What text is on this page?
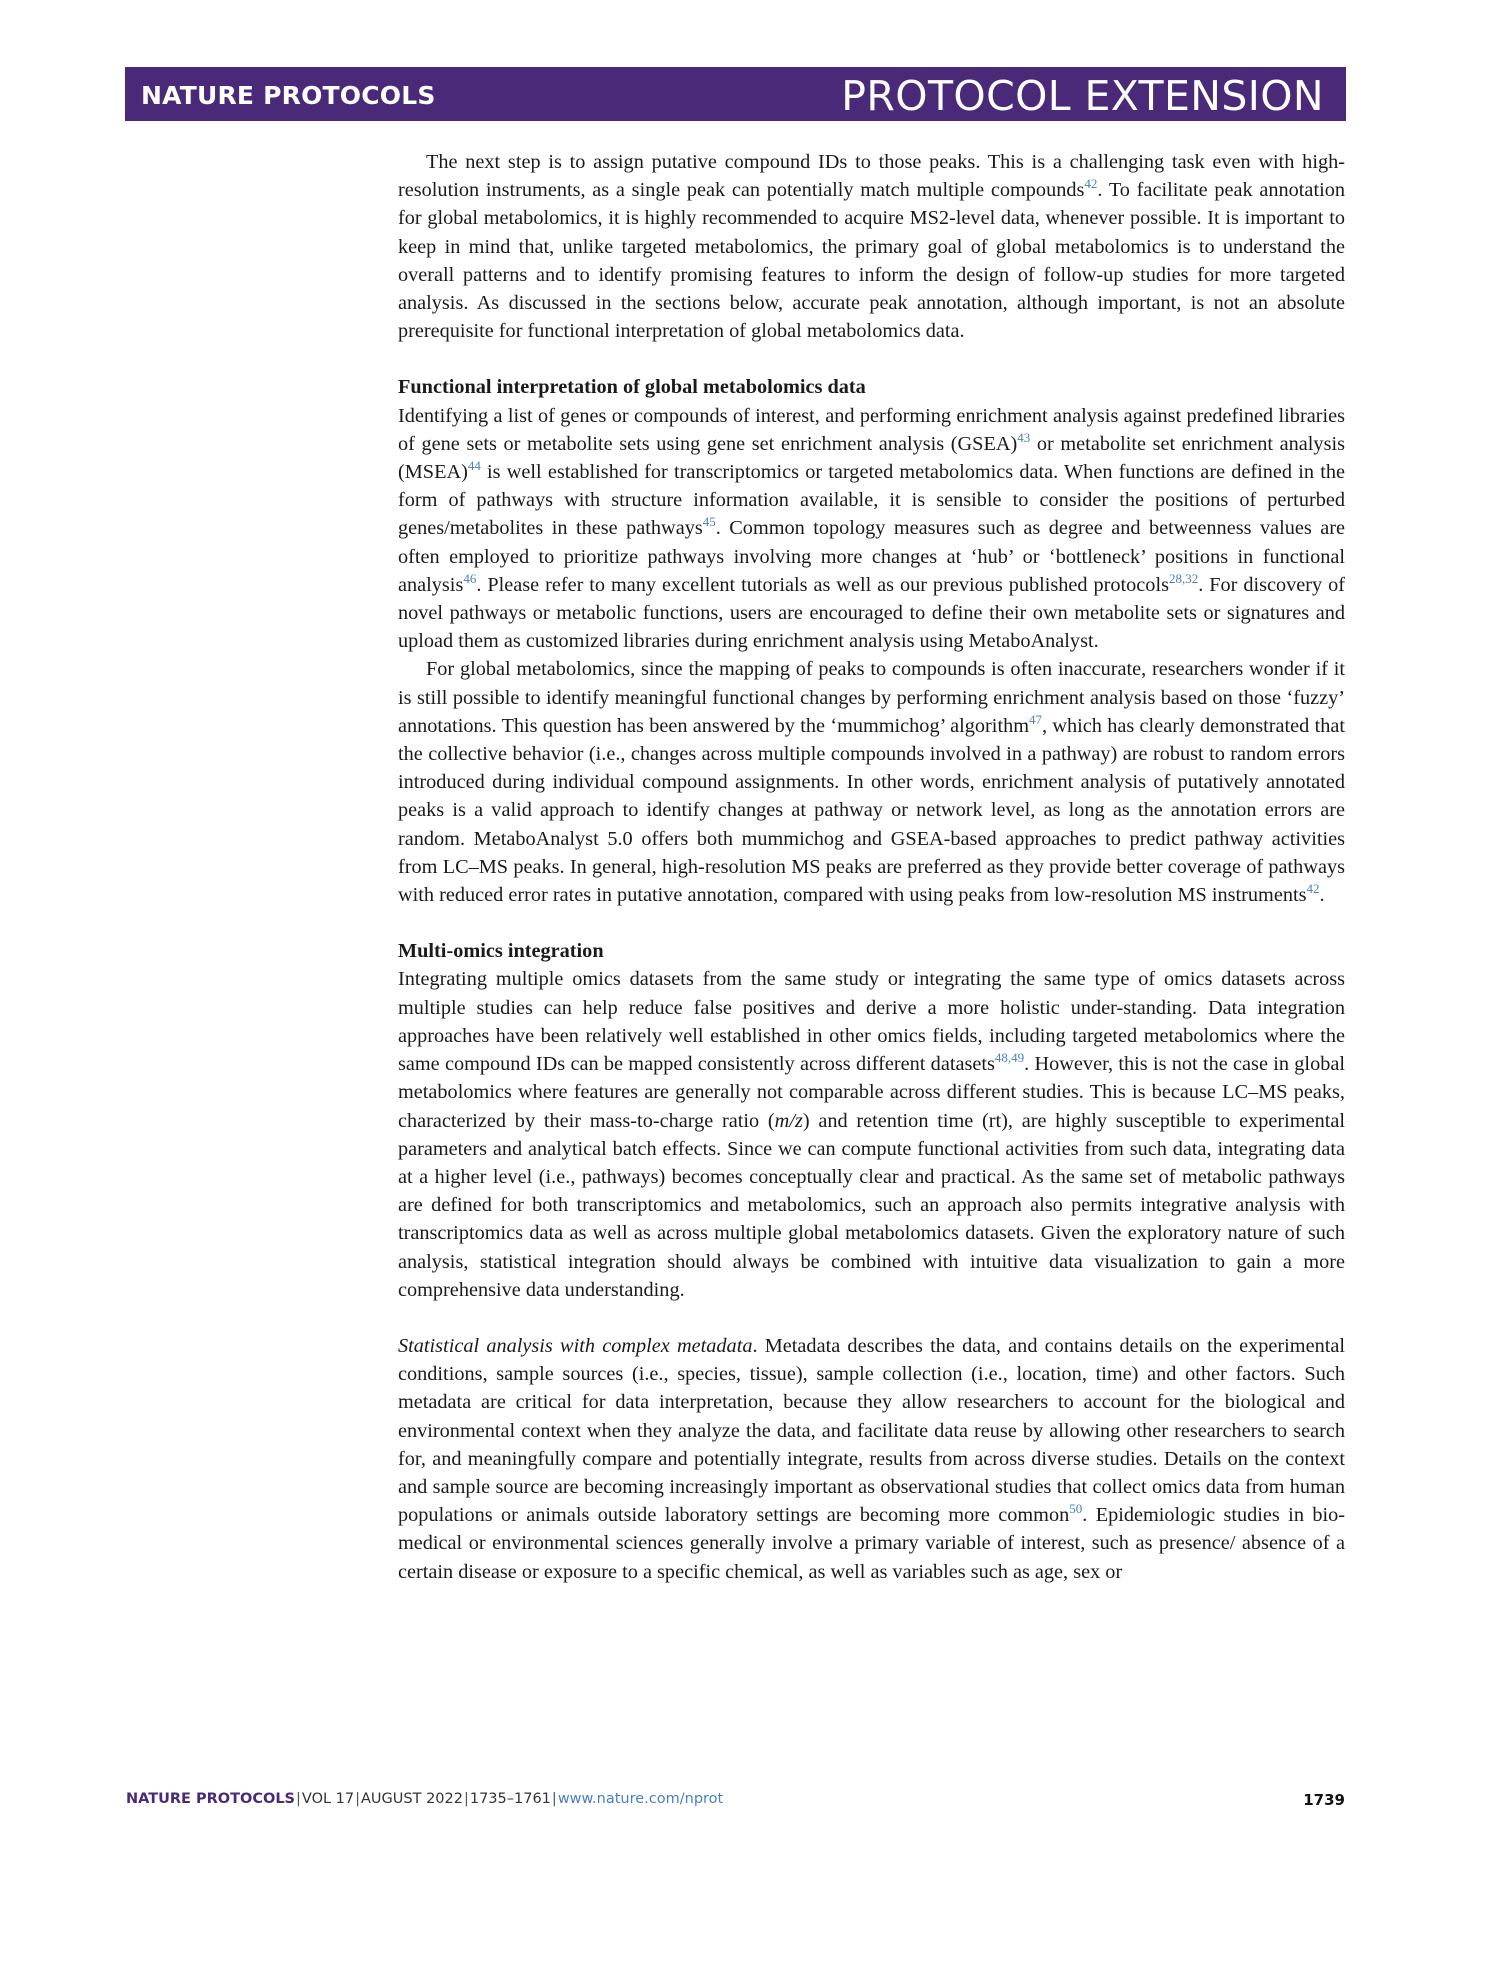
NATURE PROTOCOLS	PROTOCOL EXTENSION

The next step is to assign putative compound IDs to those peaks. This is a challenging task even with high-resolution instruments, as a single peak can potentially match multiple compounds$^{42}$. To facilitate peak annotation for global metabolomics, it is highly recommended to acquire MS2-level data, whenever possible. It is important to keep in mind that, unlike targeted metabolomics, the primary goal of global metabolomics is to understand the overall patterns and to identify promising features to inform the design of follow-up studies for more targeted analysis. As discussed in the sections below, accurate peak annotation, although important, is not an absolute prerequisite for functional interpretation of global metabolomics data.

Functional interpretation of global metabolomics data

Identifying a list of genes or compounds of interest, and performing enrichment analysis against predefined libraries of gene sets or metabolite sets using gene set enrichment analysis (GSEA)$^{43}$ or metabolite set enrichment analysis (MSEA)$^{44}$ is well established for transcriptomics or targeted metabolomics data. When functions are defined in the form of pathways with structure information available, it is sensible to consider the positions of perturbed genes/metabolites in these pathways$^{45}$. Common topology measures such as degree and betweenness values are often employed to prioritize pathways involving more changes at ‘hub’ or ‘bottleneck’ positions in functional analysis$^{46}$. Please refer to many excellent tutorials as well as our previous published protocols$^{28,32}$. For discovery of novel pathways or metabolic functions, users are encouraged to define their own metabolite sets or signatures and upload them as customized libraries during enrichment analysis using MetaboAnalyst.

For global metabolomics, since the mapping of peaks to compounds is often inaccurate, researchers wonder if it is still possible to identify meaningful functional changes by performing enrichment analysis based on those ‘fuzzy’ annotations. This question has been answered by the ‘mummichog’ algorithm$^{47}$, which has clearly demonstrated that the collective behavior (i.e., changes across multiple compounds involved in a pathway) are robust to random errors introduced during individual compound assignments. In other words, enrichment analysis of putatively annotated peaks is a valid approach to identify changes at pathway or network level, as long as the annotation errors are random. MetaboAnalyst 5.0 offers both mummichog and GSEA-based approaches to predict pathway activities from LC–MS peaks. In general, high-resolution MS peaks are preferred as they provide better coverage of pathways with reduced error rates in putative annotation, compared with using peaks from low-resolution MS instruments$^{42}$.

Multi-omics integration

Integrating multiple omics datasets from the same study or integrating the same type of omics datasets across multiple studies can help reduce false positives and derive a more holistic under-standing. Data integration approaches have been relatively well established in other omics fields, including targeted metabolomics where the same compound IDs can be mapped consistently across different datasets$^{48,49}$. However, this is not the case in global metabolomics where features are generally not comparable across different studies. This is because LC–MS peaks, characterized by their mass-to-charge ratio (m/z) and retention time (rt), are highly susceptible to experimental parameters and analytical batch effects. Since we can compute functional activities from such data, integrating data at a higher level (i.e., pathways) becomes conceptually clear and practical. As the same set of metabolic pathways are defined for both transcriptomics and metabolomics, such an approach also permits integrative analysis with transcriptomics data as well as across multiple global metabolomics datasets. Given the exploratory nature of such analysis, statistical integration should always be combined with intuitive data visualization to gain a more comprehensive data understanding.

Statistical analysis with complex metadata. Metadata describes the data, and contains details on the experimental conditions, sample sources (i.e., species, tissue), sample collection (i.e., location, time) and other factors. Such metadata are critical for data interpretation, because they allow researchers to account for the biological and environmental context when they analyze the data, and facilitate data reuse by allowing other researchers to search for, and meaningfully compare and potentially integrate, results from across diverse studies. Details on the context and sample source are becoming increasingly important as observational studies that collect omics data from human populations or animals outside laboratory settings are becoming more common$^{50}$. Epidemiologic studies in bio-medical or environmental sciences generally involve a primary variable of interest, such as presence/ absence of a certain disease or exposure to a specific chemical, as well as variables such as age, sex or

NATURE PROTOCOLS|VOL 17|AUGUST 2022|1735–1761|www.nature.com/nprot	1739
